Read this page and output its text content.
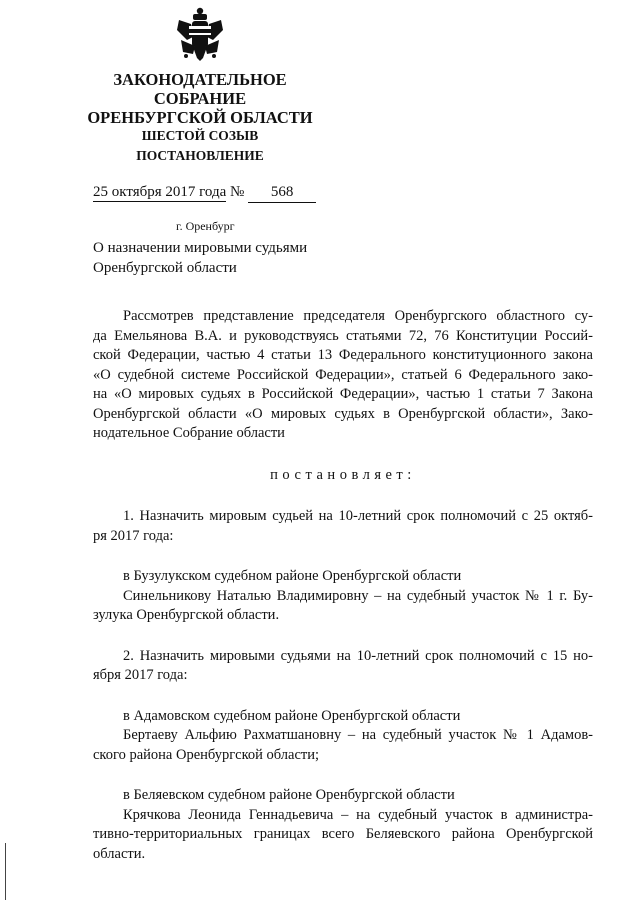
ЗАКОНОДАТЕЛЬНОЕ
СОБРАНИЕ
ОРЕНБУРГСКОЙ ОБЛАСТИ
ШЕСТОЙ СОЗЫВ
ПОСТАНОВЛЕНИЕ
25 октября 2017 года № 568
г. Оренбург
О назначении мировыми судьями
Оренбургской области

Рассмотрев представление председателя Оренбургского областного су-

да Емельянова В.А. и руководствуясь статьями 72, 76 Конституции Россий-

ской Федерации, частью 4 статьи 13 Федерального конституционного закона

«О судебной системе Российской Федерации», статьей 6 Федерального зако-

на «О мировых судьях в Российской Федерации», частью 1 статьи 7 Закона

Оренбургской области «О мировых судьях в Оренбургской области», Зако-

нодательное Собрание области

постановляет:

1. Назначить мировым судьей на 10-летний срок полномочий с 25 октяб-

ря 2017 года:

в Бузулукском судебном районе Оренбургской области

Синельникову Наталью Владимировну – на судебный участок № 1 г. Бу-

зулука Оренбургской области.

2. Назначить мировыми судьями на 10-летний срок полномочий с 15 но-

ября 2017 года:

в Адамовском судебном районе Оренбургской области

Бертаеву Альфию Рахматшановну – на судебный участок № 1 Адамов-

ского района Оренбургской области;

в Беляевском судебном районе Оренбургской области

Крячкова Леонида Геннадьевича – на судебный участок в администра-

тивно-территориальных границах всего Беляевского района Оренбургской

области.
